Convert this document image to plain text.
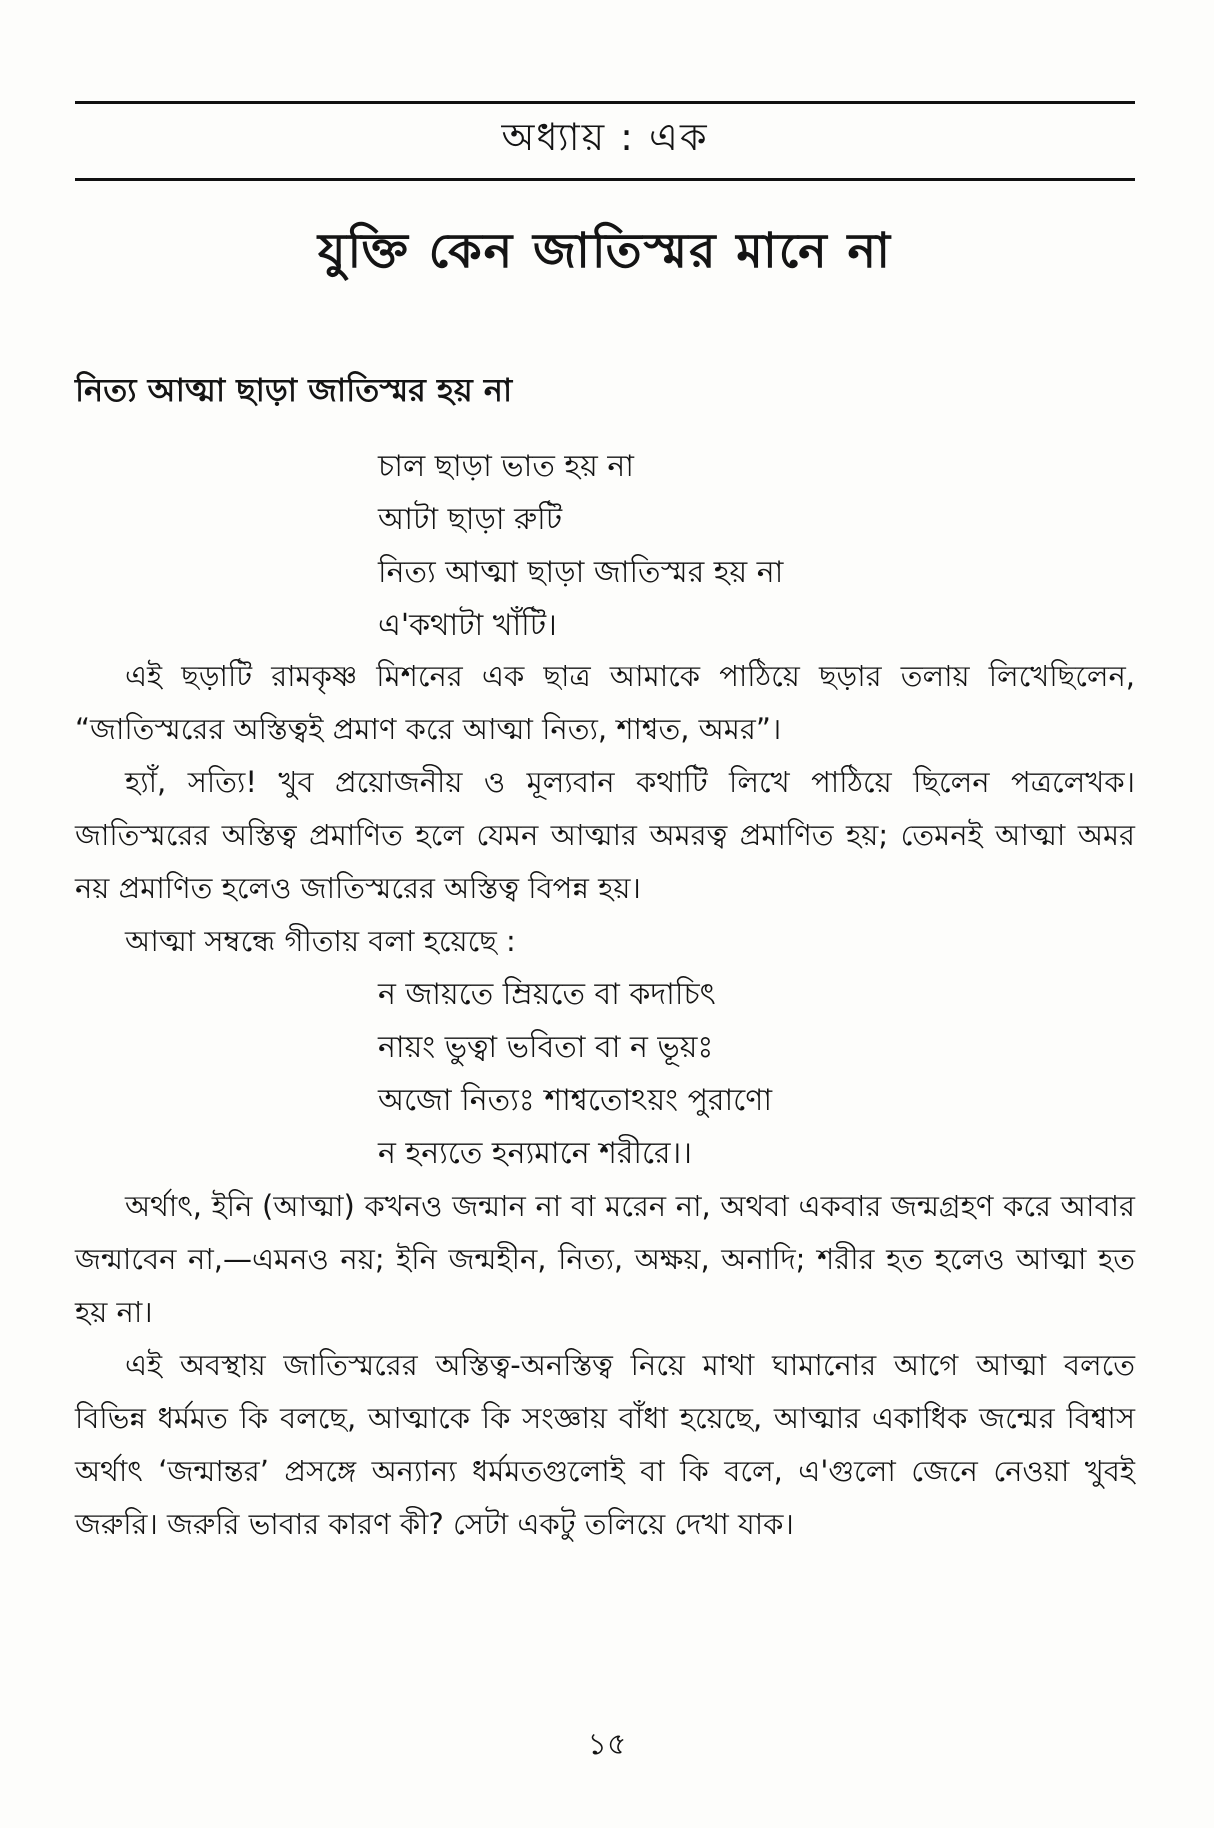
অধ্যায় : এক
যুক্তি কেন জাতিস্মর মানে না
নিত্য আত্মা ছাড়া জাতিস্মর হয় না
চাল ছাড়া ভাত হয় না
আটা ছাড়া রুটি
নিত্য আত্মা ছাড়া জাতিস্মর হয় না
এ'কথাটা খাঁটি।

এই ছড়াটি রামকৃষ্ণ মিশনের এক ছাত্র আমাকে পাঠিয়ে ছড়ার তলায় লিখেছিলেন, “জাতিস্মরের অস্তিত্বই প্রমাণ করে আত্মা নিত্য, শাশ্বত, অমর”।

হ্যাঁ, সত্যি! খুব প্রয়োজনীয় ও মূল্যবান কথাটি লিখে পাঠিয়ে ছিলেন পত্রলেখক। জাতিস্মরের অস্তিত্ব প্রমাণিত হলে যেমন আত্মার অমরত্ব প্রমাণিত হয়; তেমনই আত্মা অমর নয় প্রমাণিত হলেও জাতিস্মরের অস্তিত্ব বিপন্ন হয়।

আত্মা সম্বন্ধে গীতায় বলা হয়েছে :

ন জায়তে ম্রিয়তে বা কদাচিৎ
নায়ং ভুত্বা ভবিতা বা ন ভূয়ঃ
অজো নিত্যঃ শাশ্বতোঽয়ং পুরাণো
ন হন্যতে হন্যমানে শরীরে।।

অর্থাৎ, ইনি (আত্মা) কখনও জন্মান না বা মরেন না, অথবা একবার জন্মগ্রহণ করে আবার জন্মাবেন না,—এমনও নয়; ইনি জন্মহীন, নিত্য, অক্ষয়, অনাদি; শরীর হত হলেও আত্মা হত হয় না।

এই অবস্থায় জাতিস্মরের অস্তিত্ব-অনস্তিত্ব নিয়ে মাথা ঘামানোর আগে আত্মা বলতে বিভিন্ন ধর্মমত কি বলছে, আত্মাকে কি সংজ্ঞায় বাঁধা হয়েছে, আত্মার একাধিক জন্মের বিশ্বাস অর্থাৎ ‘জন্মান্তর’ প্রসঙ্গে অন্যান্য ধর্মমতগুলোই বা কি বলে, এ'গুলো জেনে নেওয়া খুবই জরুরি। জরুরি ভাবার কারণ কী? সেটা একটু তলিয়ে দেখা যাক।

১৫
